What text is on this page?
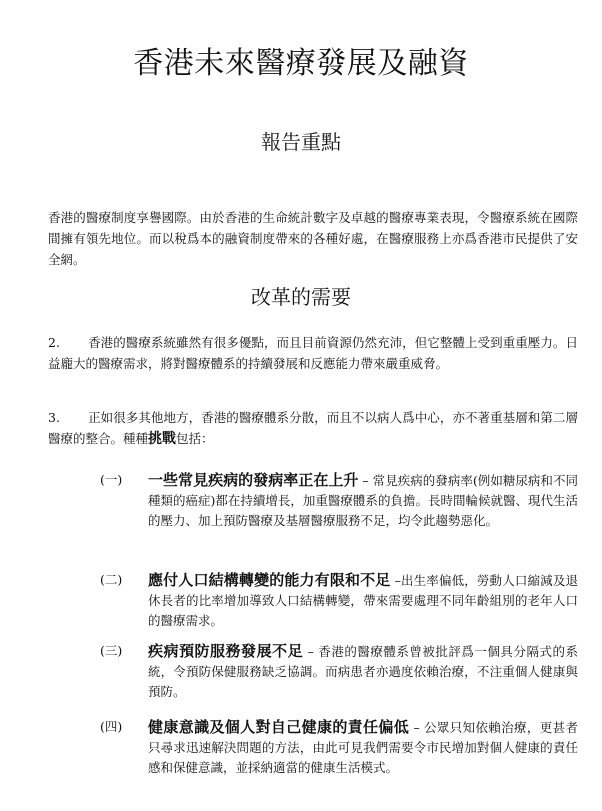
香港未來醫療發展及融資
報告重點

香港的醫療制度享譽國際。由於香港的生命統計數字及卓越的醫療專業表現，令醫療系統在國際間擁有領先地位。而以稅爲本的融資制度帶來的各種好處，在醫療服務上亦爲香港市民提供了安全網。

改革的需要

2. 香港的醫療系統雖然有很多優點，而且目前資源仍然充沛，但它整體上受到重重壓力。日益龐大的醫療需求，將對醫療體系的持續發展和反應能力帶來嚴重威脅。

3. 正如很多其他地方，香港的醫療體系分散，而且不以病人爲中心，亦不著重基層和第二層醫療的整合。種種挑戰包括：

(一)	一些常見疾病的發病率正在上升 – 常見疾病的發病率(例如糖尿病和不同種類的癌症)都在持續增長，加重醫療體系的負擔。長時間輪候就醫、現代生活的壓力、加上預防醫療及基層醫療服務不足，均令此趨勢惡化。
(二)	應付人口結構轉變的能力有限和不足 –出生率偏低，勞動人口縮減及退休長者的比率增加導致人口結構轉變，帶來需要處理不同年齡組別的老年人口的醫療需求。
(三)	疾病預防服務發展不足 – 香港的醫療體系曾被批評爲一個具分隔式的系統，令預防保健服務缺乏協調。而病患者亦過度依賴治療，不注重個人健康與預防。
(四)	健康意識及個人對自己健康的責任偏低 – 公眾只知依賴治療，更甚者只尋求迅速解決問題的方法，由此可見我們需要令市民增加對個人健康的責任感和保健意識，並採納適當的健康生活模式。
